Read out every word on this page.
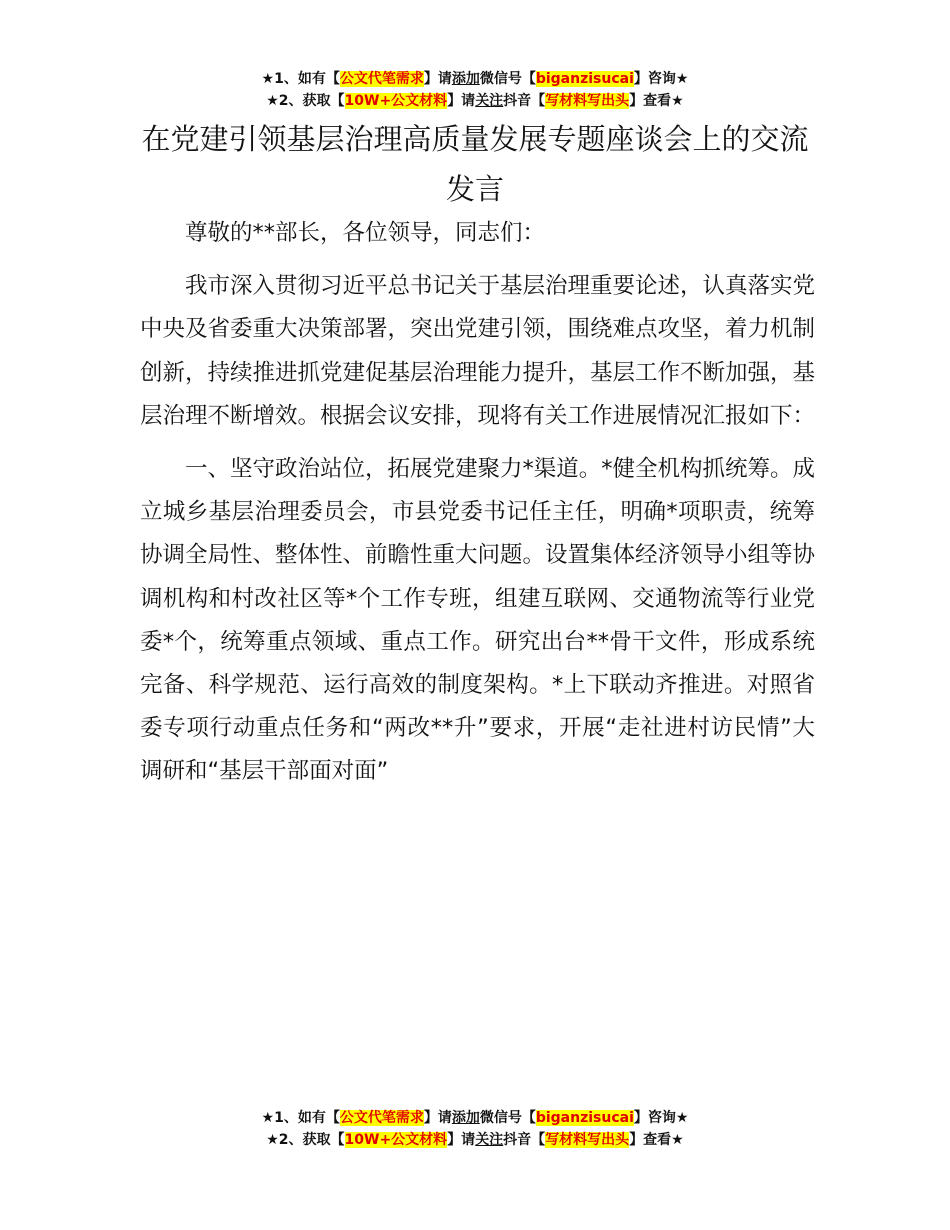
★1、如有【公文代笔需求】请添加微信号【biganzisucai】咨询★
★2、获取【10W+公文材料】请关注抖音【写材料写出头】查看★
在党建引领基层治理高质量发展专题座谈会上的交流发言

尊敬的**部长，各位领导，同志们：

我市深入贯彻习近平总书记关于基层治理重要论述，认真落实党中央及省委重大决策部署，突出党建引领，围绕难点攻坚，着力机制创新，持续推进抓党建促基层治理能力提升，基层工作不断加强，基层治理不断增效。根据会议安排，现将有关工作进展情况汇报如下：

一、坚守政治站位，拓展党建聚力*渠道。*健全机构抓统筹。成立城乡基层治理委员会，市县党委书记任主任，明确*项职责，统筹协调全局性、整体性、前瞻性重大问题。设置集体经济领导小组等协调机构和村改社区等*个工作专班，组建互联网、交通物流等行业党委*个，统筹重点领域、重点工作。研究出台**骨干文件，形成系统完备、科学规范、运行高效的制度架构。*上下联动齐推进。对照省委专项行动重点任务和“两改**升”要求，开展“走社进村访民情”大调研和“基层干部面对面”

★1、如有【公文代笔需求】请添加微信号【biganzisucai】咨询★
★2、获取【10W+公文材料】请关注抖音【写材料写出头】查看★
